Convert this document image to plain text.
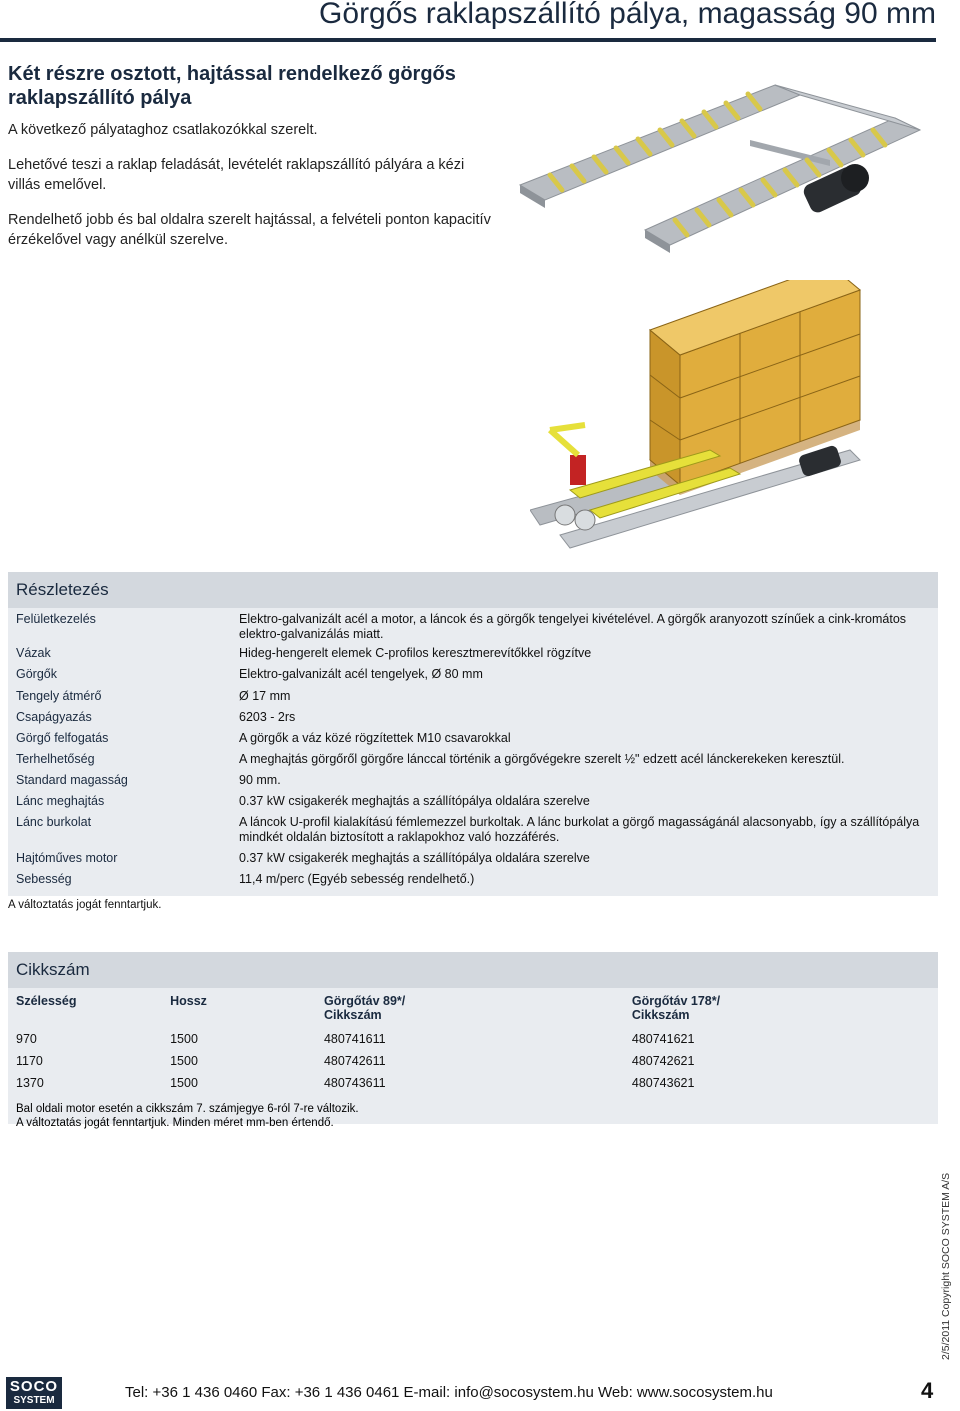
Görgős raklapszállító pálya, magasság 90 mm
Két részre osztott, hajtással rendelkező görgős raklapszállító pálya

A következő pályataghoz csatlakozókkal szerelt.

Lehetővé teszi a raklap feladását, levételét raklapszállító pályára a kézi villás emelővel.

Rendelhető jobb és bal oldalra szerelt hajtással, a felvételi ponton kapacitív érzékelővel vagy anélkül szerelve.

Részletezés
Felületkezelés	Elektro-galvanizált acél a motor, a láncok és a görgők tengelyei kivételével. A görgők aranyozott színűek a cink-kromátos elektro-galvanizálás miatt.
Vázak	Hideg-hengerelt elemek C-profilos keresztmerevítőkkel rögzítve
Görgők	Elektro-galvanizált acél tengelyek, Ø 80 mm
Tengely átmérő	Ø 17 mm
Csapágyazás	6203 - 2rs
Görgő felfogatás	A görgők a váz közé rögzítettek M10 csavarokkal
Terhelhetőség	A meghajtás görgőről görgőre lánccal történik a görgővégekre szerelt ½" edzett acél lánckerekeken keresztül.
Standard magasság	90 mm.
Lánc meghajtás	0.37 kW csigakerék meghajtás a szállítópálya oldalára szerelve
Lánc burkolat	A láncok U-profil kialakítású fémlemezzel burkoltak. A lánc burkolat a görgő magasságánál alacsonyabb, így a szállítópálya mindkét oldalán biztosított a raklapokhoz való hozzáférés.
Hajtóműves motor	0.37 kW csigakerék meghajtás a szállítópálya oldalára szerelve
Sebesség	11,4 m/perc (Egyéb sebesség rendelhető.)
A változtatás jogát fenntartjuk.
Cikkszám
Szélesség	Hossz	Görgőtáv 89*/ Cikkszám	Görgőtáv 178*/ Cikkszám

970	1500	480741611	480741621
1170	1500	480742611	480742621
1370	1500	480743611	480743621
Bal oldali motor esetén a cikkszám 7. számjegye 6-ról 7-re változik.
A változtatás jogát fenntartjuk. Minden méret mm-ben értendő.
2/5/2011 Copyright SOCO SYSTEM A/S
SOCO
SYSTEM	Tel: +36 1 436 0460 Fax: +36 1 436 0461 E-mail: info@socosystem.hu Web: www.socosystem.hu	4
